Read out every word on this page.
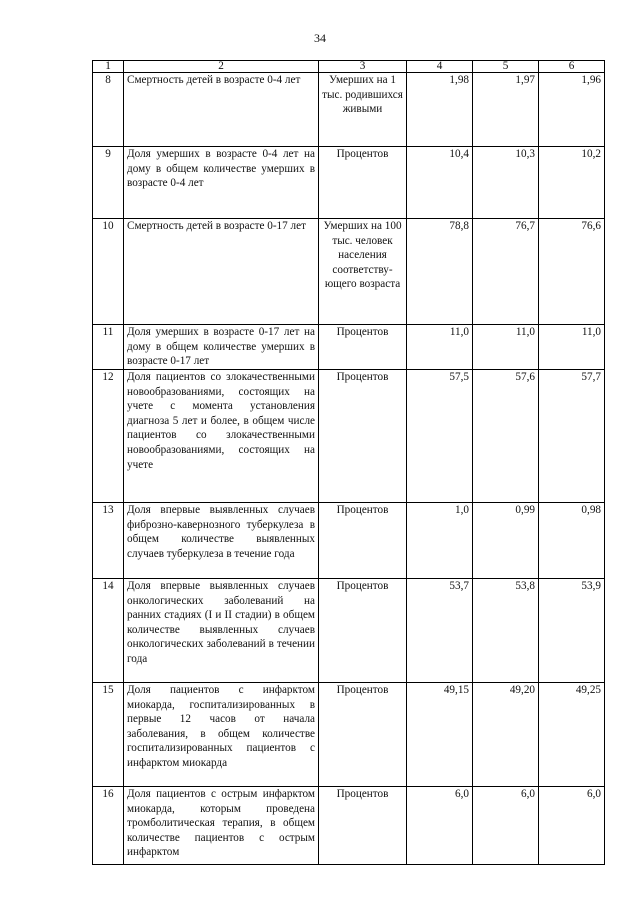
34
1	2	3	4	5	6
8	Смертность детей в возрасте 0-4 лет	Умерших на 1 тыс. родившихся живыми	1,98	1,97	1,96
9	Доля умерших в возрасте 0-4 лет на дому в общем количестве умерших в возрасте 0-4 лет	Процентов	10,4	10,3	10,2
10	Смертность детей в возрасте 0-17 лет	Умерших на 100 тыс. человек населения соответству-ющего возраста	78,8	76,7	76,6
11	Доля умерших в возрасте 0-17 лет на дому в общем количестве умерших в возрасте 0-17 лет	Процентов	11,0	11,0	11,0
12	Доля пациентов со злокачественными новообразованиями, состоящих на учете с момента установления диагноза 5 лет и более, в общем числе пациентов со злокачественными новообразованиями, состоящих на учете	Процентов	57,5	57,6	57,7
13	Доля впервые выявленных случаев фиброзно-кавернозного туберкулеза в общем количестве выявленных случаев туберкулеза в течение года	Процентов	1,0	0,99	0,98
14	Доля впервые выявленных случаев онкологических заболеваний на ранних стадиях (I и II стадии) в общем количестве выявленных случаев онкологических заболеваний в течении года	Процентов	53,7	53,8	53,9
15	Доля пациентов с инфарктом миокарда, госпитализированных в первые 12 часов от начала заболевания, в общем количестве госпитализированных пациентов с инфарктом миокарда	Процентов	49,15	49,20	49,25
16	Доля пациентов с острым инфарктом миокарда, которым проведена тромболитическая терапия, в общем количестве пациентов с острым инфарктом	Процентов	6,0	6,0	6,0
